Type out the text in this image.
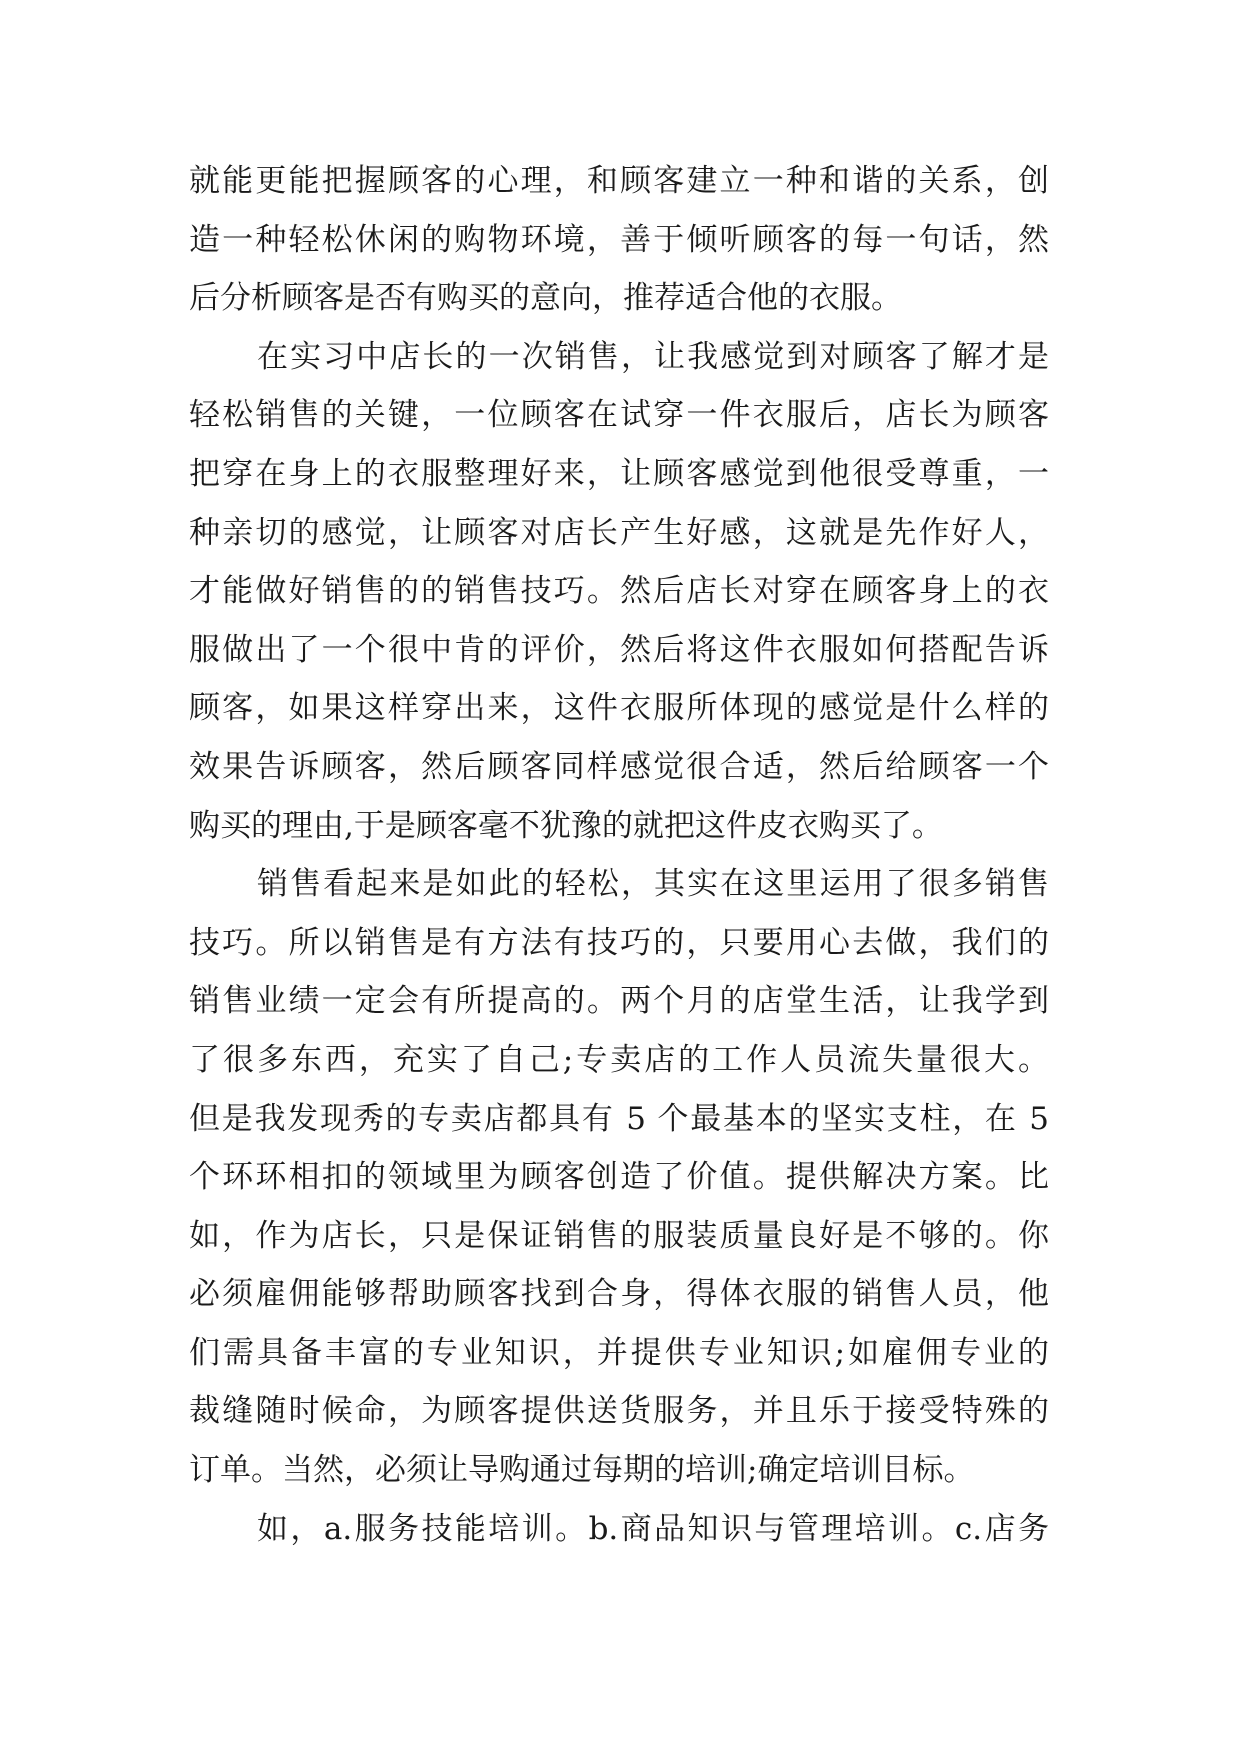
就能更能把握顾客的心理，和顾客建立一种和谐的关系，创
造一种轻松休闲的购物环境，善于倾听顾客的每一句话，然
后分析顾客是否有购买的意向，推荐适合他的衣服。
在实习中店长的一次销售，让我感觉到对顾客了解才是
轻松销售的关键，一位顾客在试穿一件衣服后，店长为顾客
把穿在身上的衣服整理好来，让顾客感觉到他很受尊重，一
种亲切的感觉，让顾客对店长产生好感，这就是先作好人，
才能做好销售的的销售技巧。然后店长对穿在顾客身上的衣
服做出了一个很中肯的评价，然后将这件衣服如何搭配告诉
顾客，如果这样穿出来，这件衣服所体现的感觉是什么样的
效果告诉顾客，然后顾客同样感觉很合适，然后给顾客一个
购买的理由,于是顾客毫不犹豫的就把这件皮衣购买了。
销售看起来是如此的轻松，其实在这里运用了很多销售
技巧。所以销售是有方法有技巧的，只要用心去做，我们的
销售业绩一定会有所提高的。两个月的店堂生活，让我学到
了很多东西，充实了自己;专卖店的工作人员流失量很大。
但是我发现秀的专卖店都具有 5 个最基本的坚实支柱，在 5
个环环相扣的领域里为顾客创造了价值。提供解决方案。比
如，作为店长，只是保证销售的服装质量良好是不够的。你
必须雇佣能够帮助顾客找到合身，得体衣服的销售人员，他
们需具备丰富的专业知识，并提供专业知识;如雇佣专业的
裁缝随时候命，为顾客提供送货服务，并且乐于接受特殊的
订单。当然，必须让导购通过每期的培训;确定培训目标。
如，a.服务技能培训。b.商品知识与管理培训。c.店务
